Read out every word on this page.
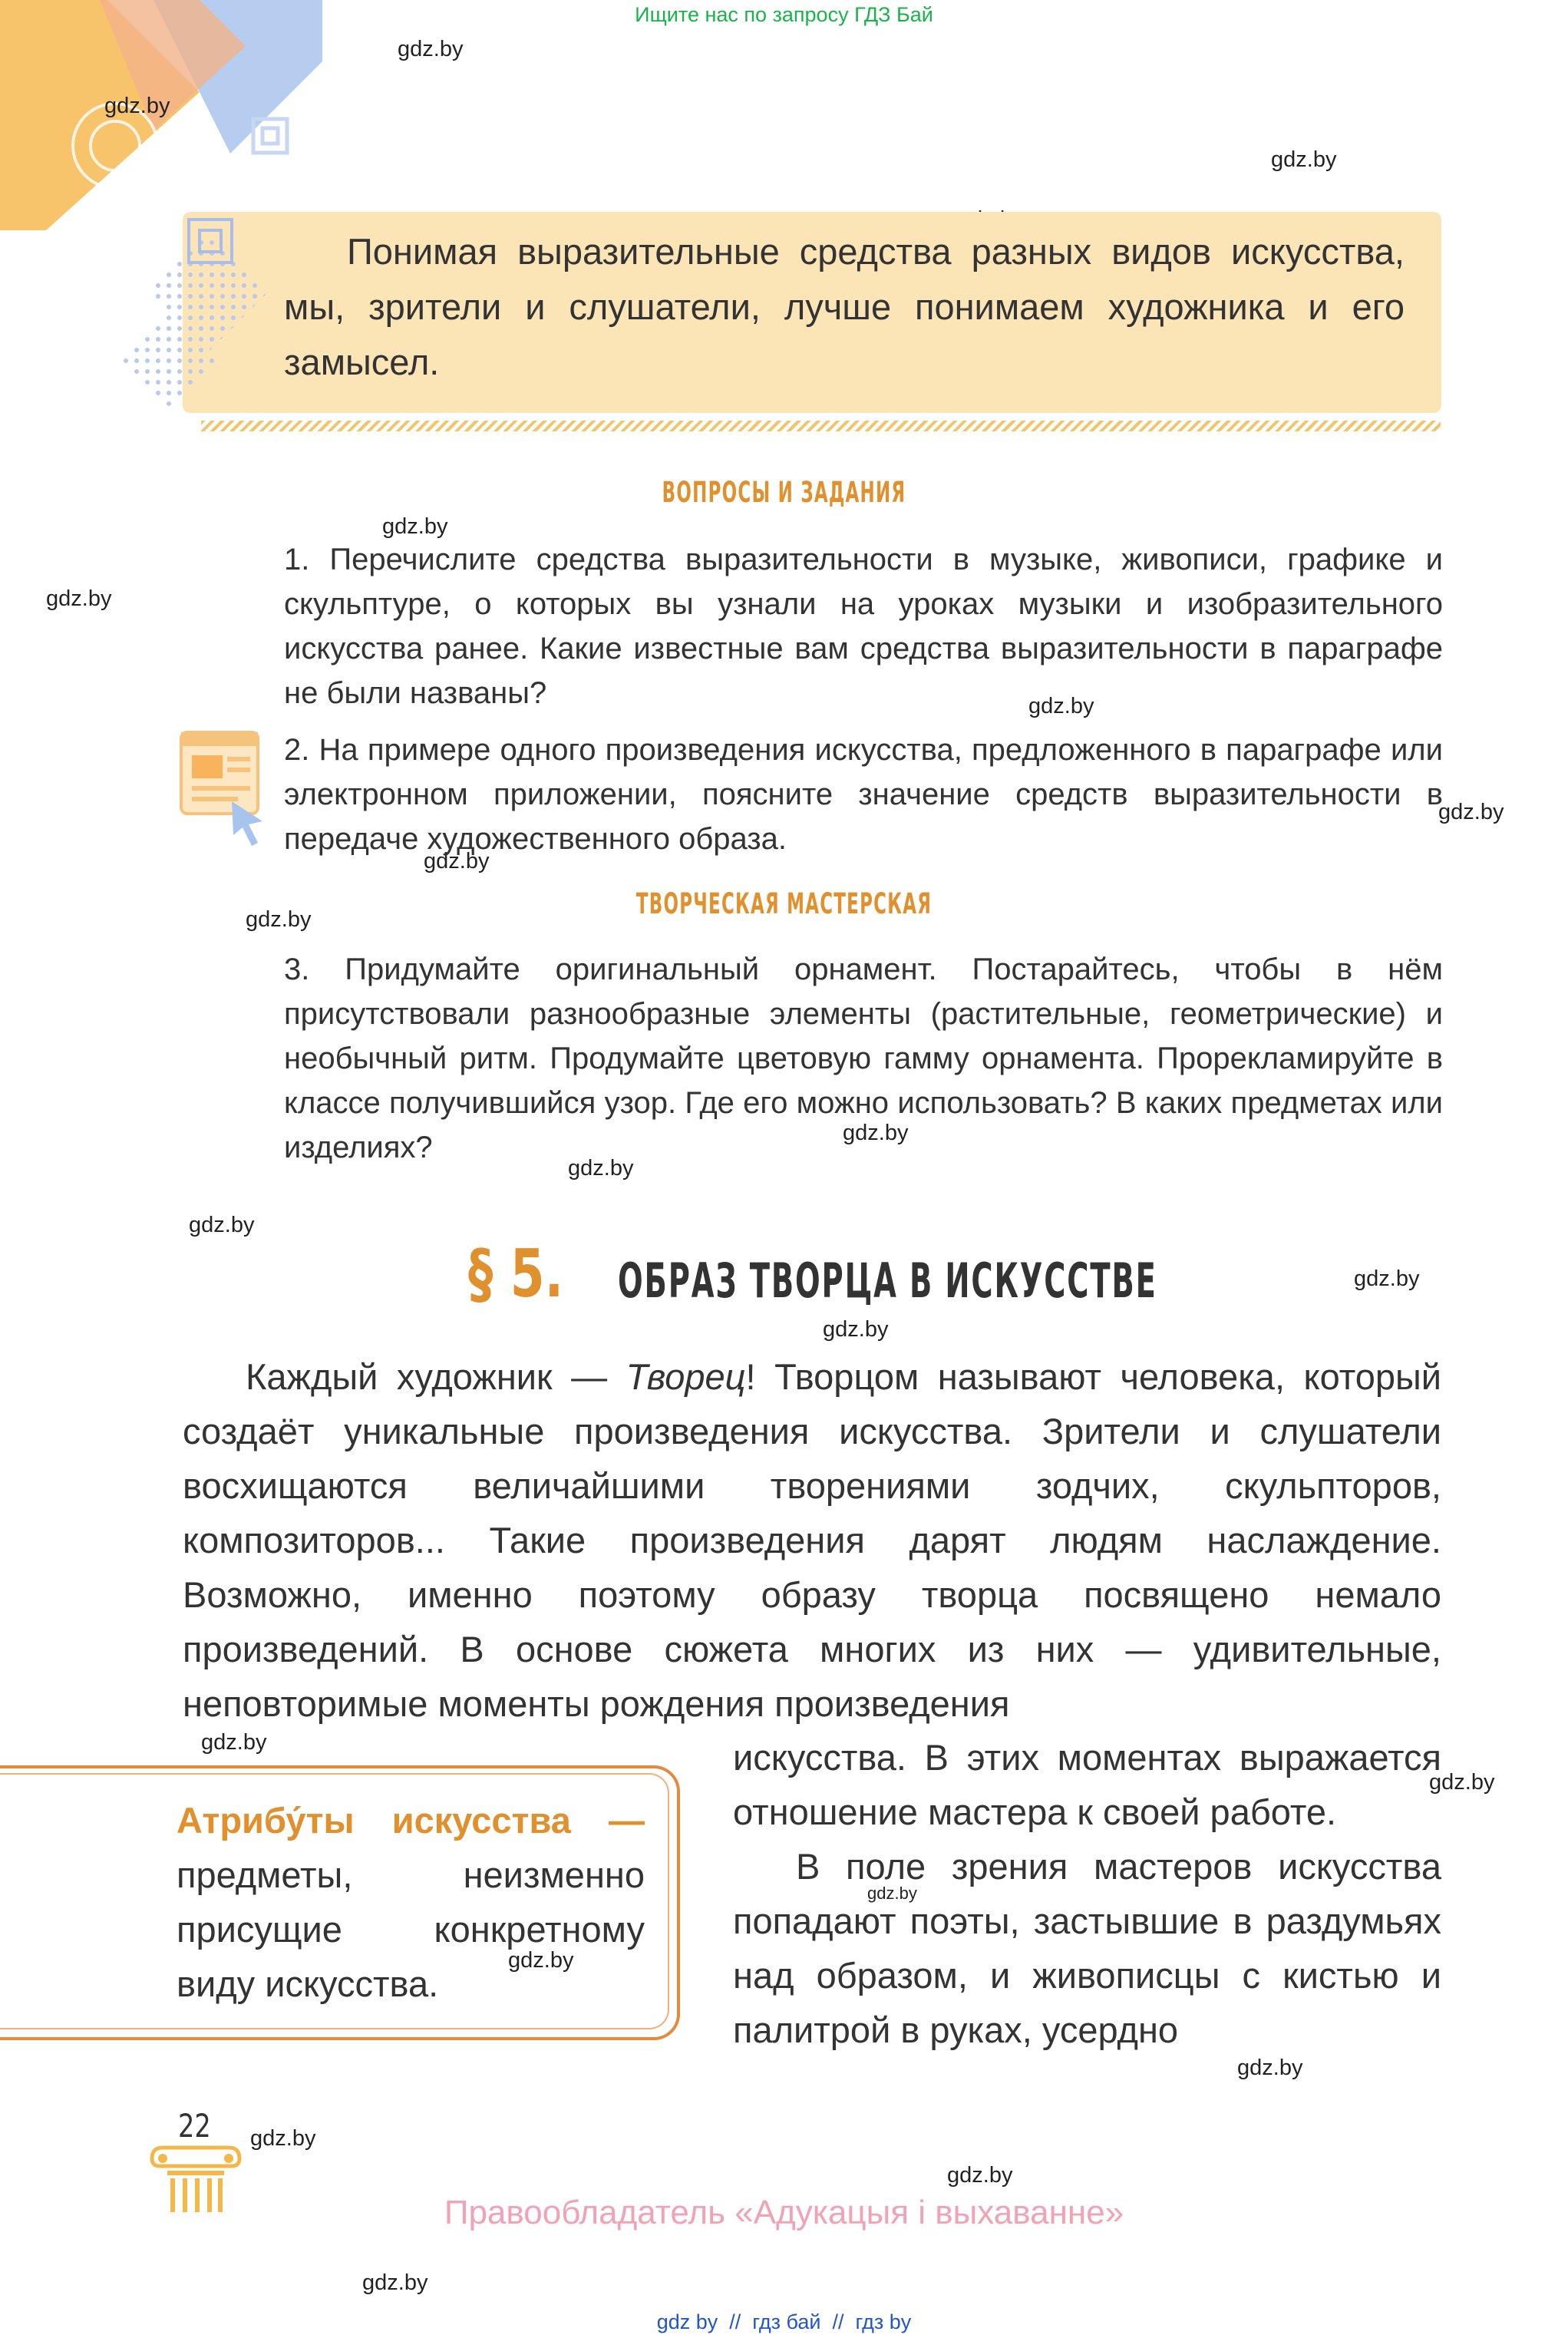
Ищите нас по запросу ГДЗ Бай
gdz.by
gdz.by
gdz.by
gdz.by
gdz.by
gdz.by
gdz.by
gdz.by
gdz.by
gdz.by
gdz.by
gdz.by
gdz.by
gdz.by
gdz.by
gdz.by
gdz.by
gdz.by
gdz.by
gdz.by
gdz.by
gdz.by
Понимая выразительные средства разных видов искусства, мы, зрители и слушатели, лучше понимаем художника и его замысел.
ВОПРОСЫ И ЗАДАНИЯ
1. Перечислите средства выразительности в музыке, живописи, графике и скульптуре, о которых вы узнали на уроках музыки и изобразительного искусства ранее. Какие известные вам средства выразительности в параграфе не были названы?
2. На примере одного произведения искусства, предложенного в параграфе или электронном приложении, поясните значение средств выразительности в передаче художественного образа.
ТВОРЧЕСКАЯ МАСТЕРСКАЯ
3. Придумайте оригинальный орнамент. Постарайтесь, чтобы в нём присутствовали разнообразные элементы (растительные, геометрические) и необычный ритм. Продумайте цветовую гамму орнамента. Прорекламируйте в классе получившийся узор. Где его можно использовать? В каких предметах или изделиях?
§ 5. ОБРАЗ ТВОРЦА В ИСКУССТВЕ
Каждый художник — Творец! Творцом называют человека, который создаёт уникальные произведения искусства. Зрители и слушатели восхищаются величайшими творениями зодчих, скульпторов, композиторов... Такие произведения дарят людям наслаждение. Возможно, именно поэтому образу творца посвящено немало произведений. В основе сюжета многих из них — удивительные, неповторимые моменты рождения произведения
искусства. В этих моментах выражается отношение мастера к своей работе.
В поле зрения мастеров искусства попадают поэты, застывшие в раздумьях над образом, и живописцы с кистью и палитрой в руках, усердно
Атрибу́ты искусства — предметы, неизменно присущие конкретному виду искусства.
22
Правообладатель «Адукацыя і выхаванне»
gdz by  //  гдз бай  //  гдз by
